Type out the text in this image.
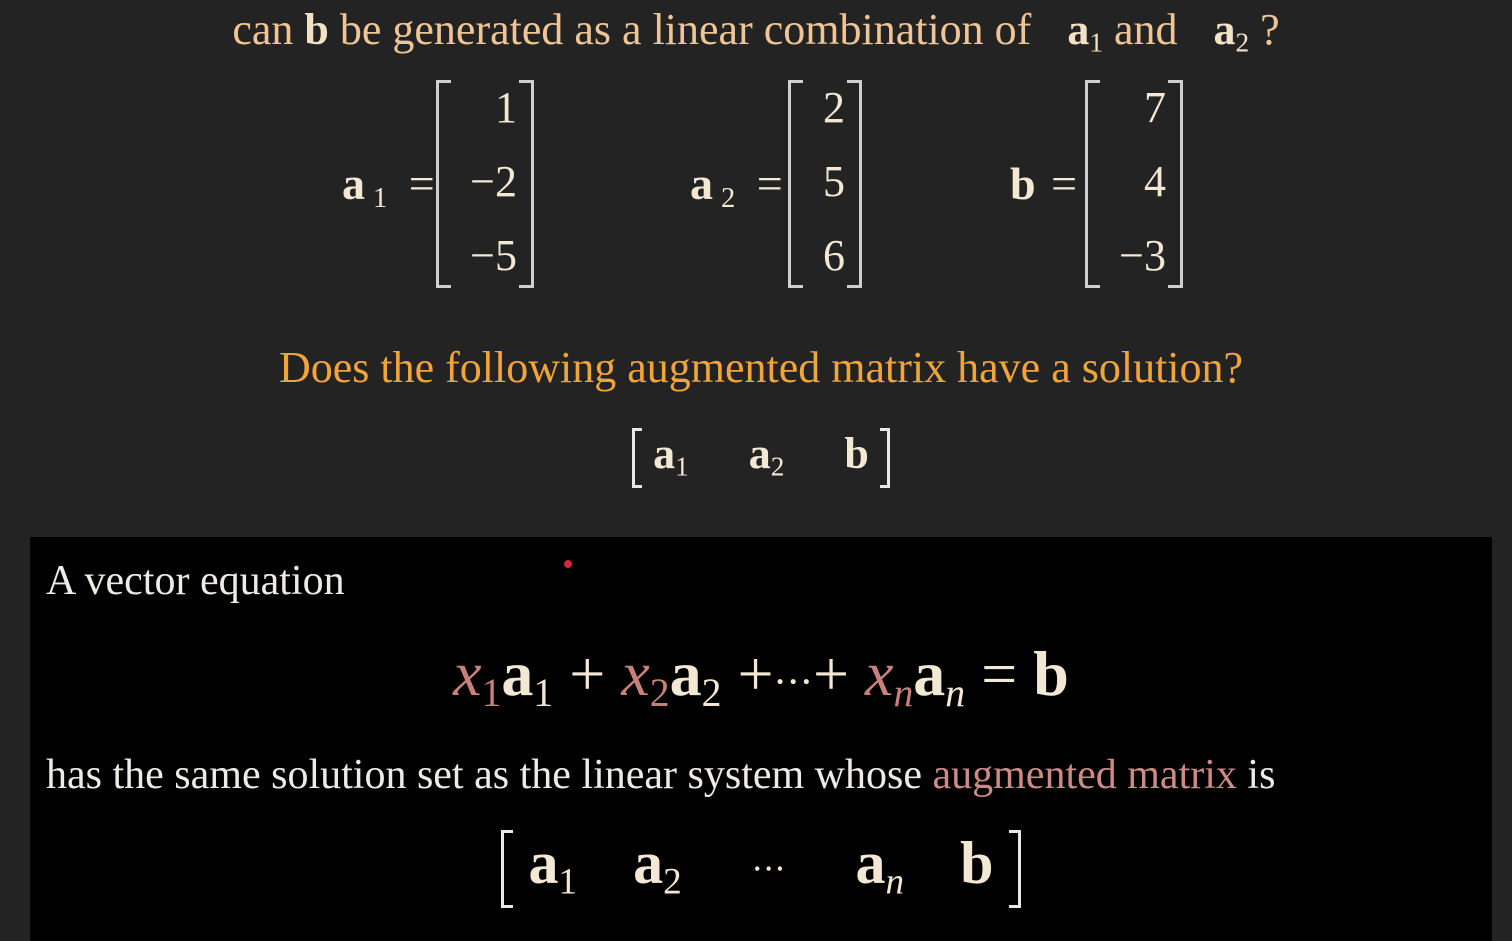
can b be generated as a linear combination of $a_1$ and $a_2$ ?
a $_1$ =
1
−2
−5
a $_2$ =
2
5
6
b =
7
4
−3
Does the following augmented matrix have a solution?
$a_1$ $a_2$ b
A vector equation
$x_1a_1 + x_2a_2$ +⋅⋅⋅+ $x_na_n = b$
has the same solution set as the linear system whose augmented matrix is
$a_1$ $a_2$ ⋅⋅⋅ $a_n$ b
